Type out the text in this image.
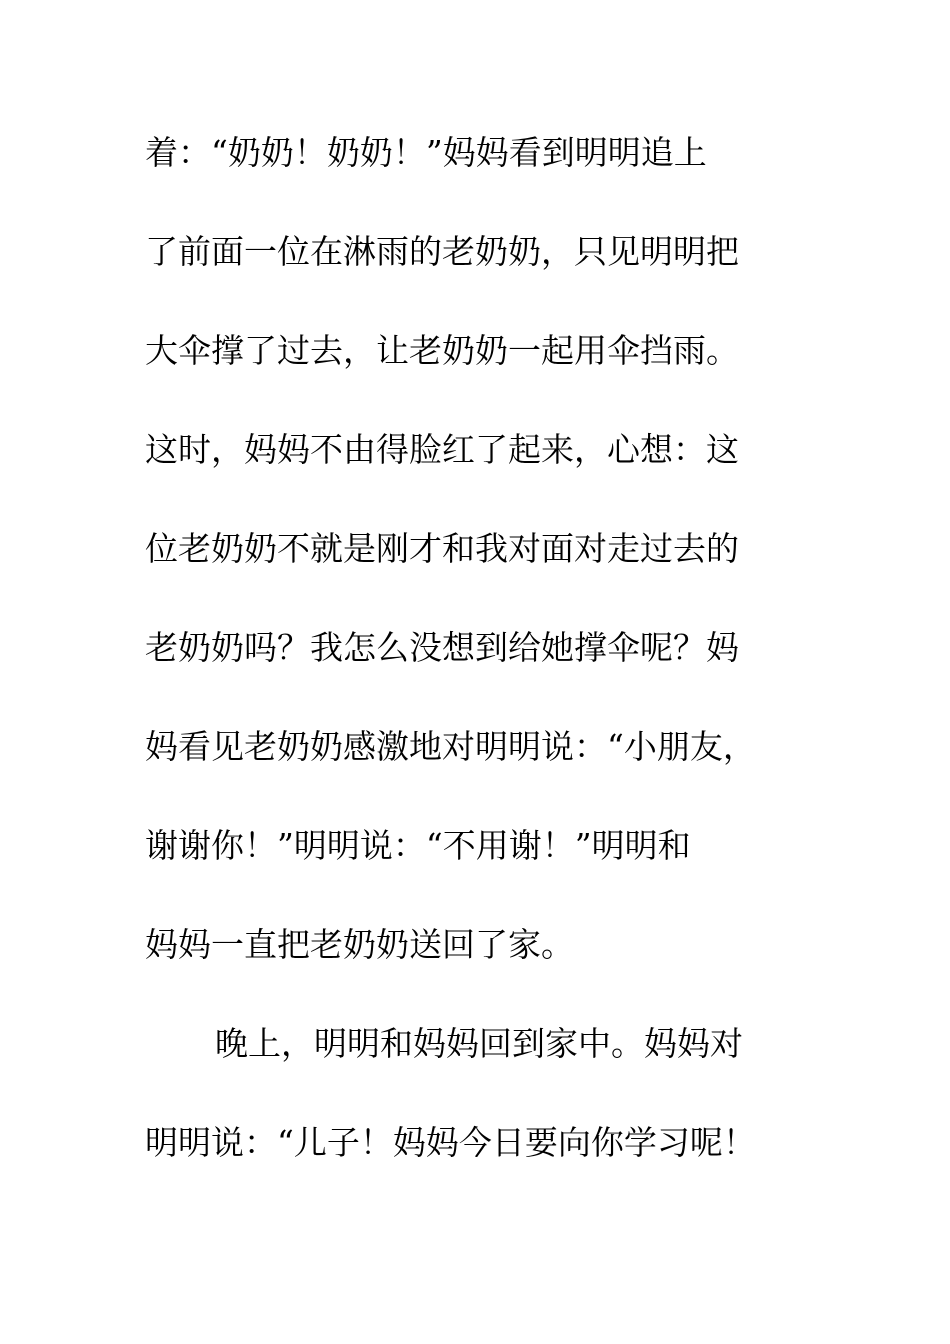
着：“奶奶！奶奶！”妈妈看到明明追上
了前面一位在淋雨的老奶奶，只见明明把
大伞撑了过去，让老奶奶一起用伞挡雨。
这时，妈妈不由得脸红了起来，心想：这
位老奶奶不就是刚才和我对面对走过去的
老奶奶吗？我怎么没想到给她撑伞呢？妈
妈看见老奶奶感激地对明明说：“小朋友，
谢谢你！”明明说：“不用谢！”明明和
妈妈一直把老奶奶送回了家。
晚上，明明和妈妈回到家中。妈妈对
明明说：“儿子！妈妈今日要向你学习呢！
